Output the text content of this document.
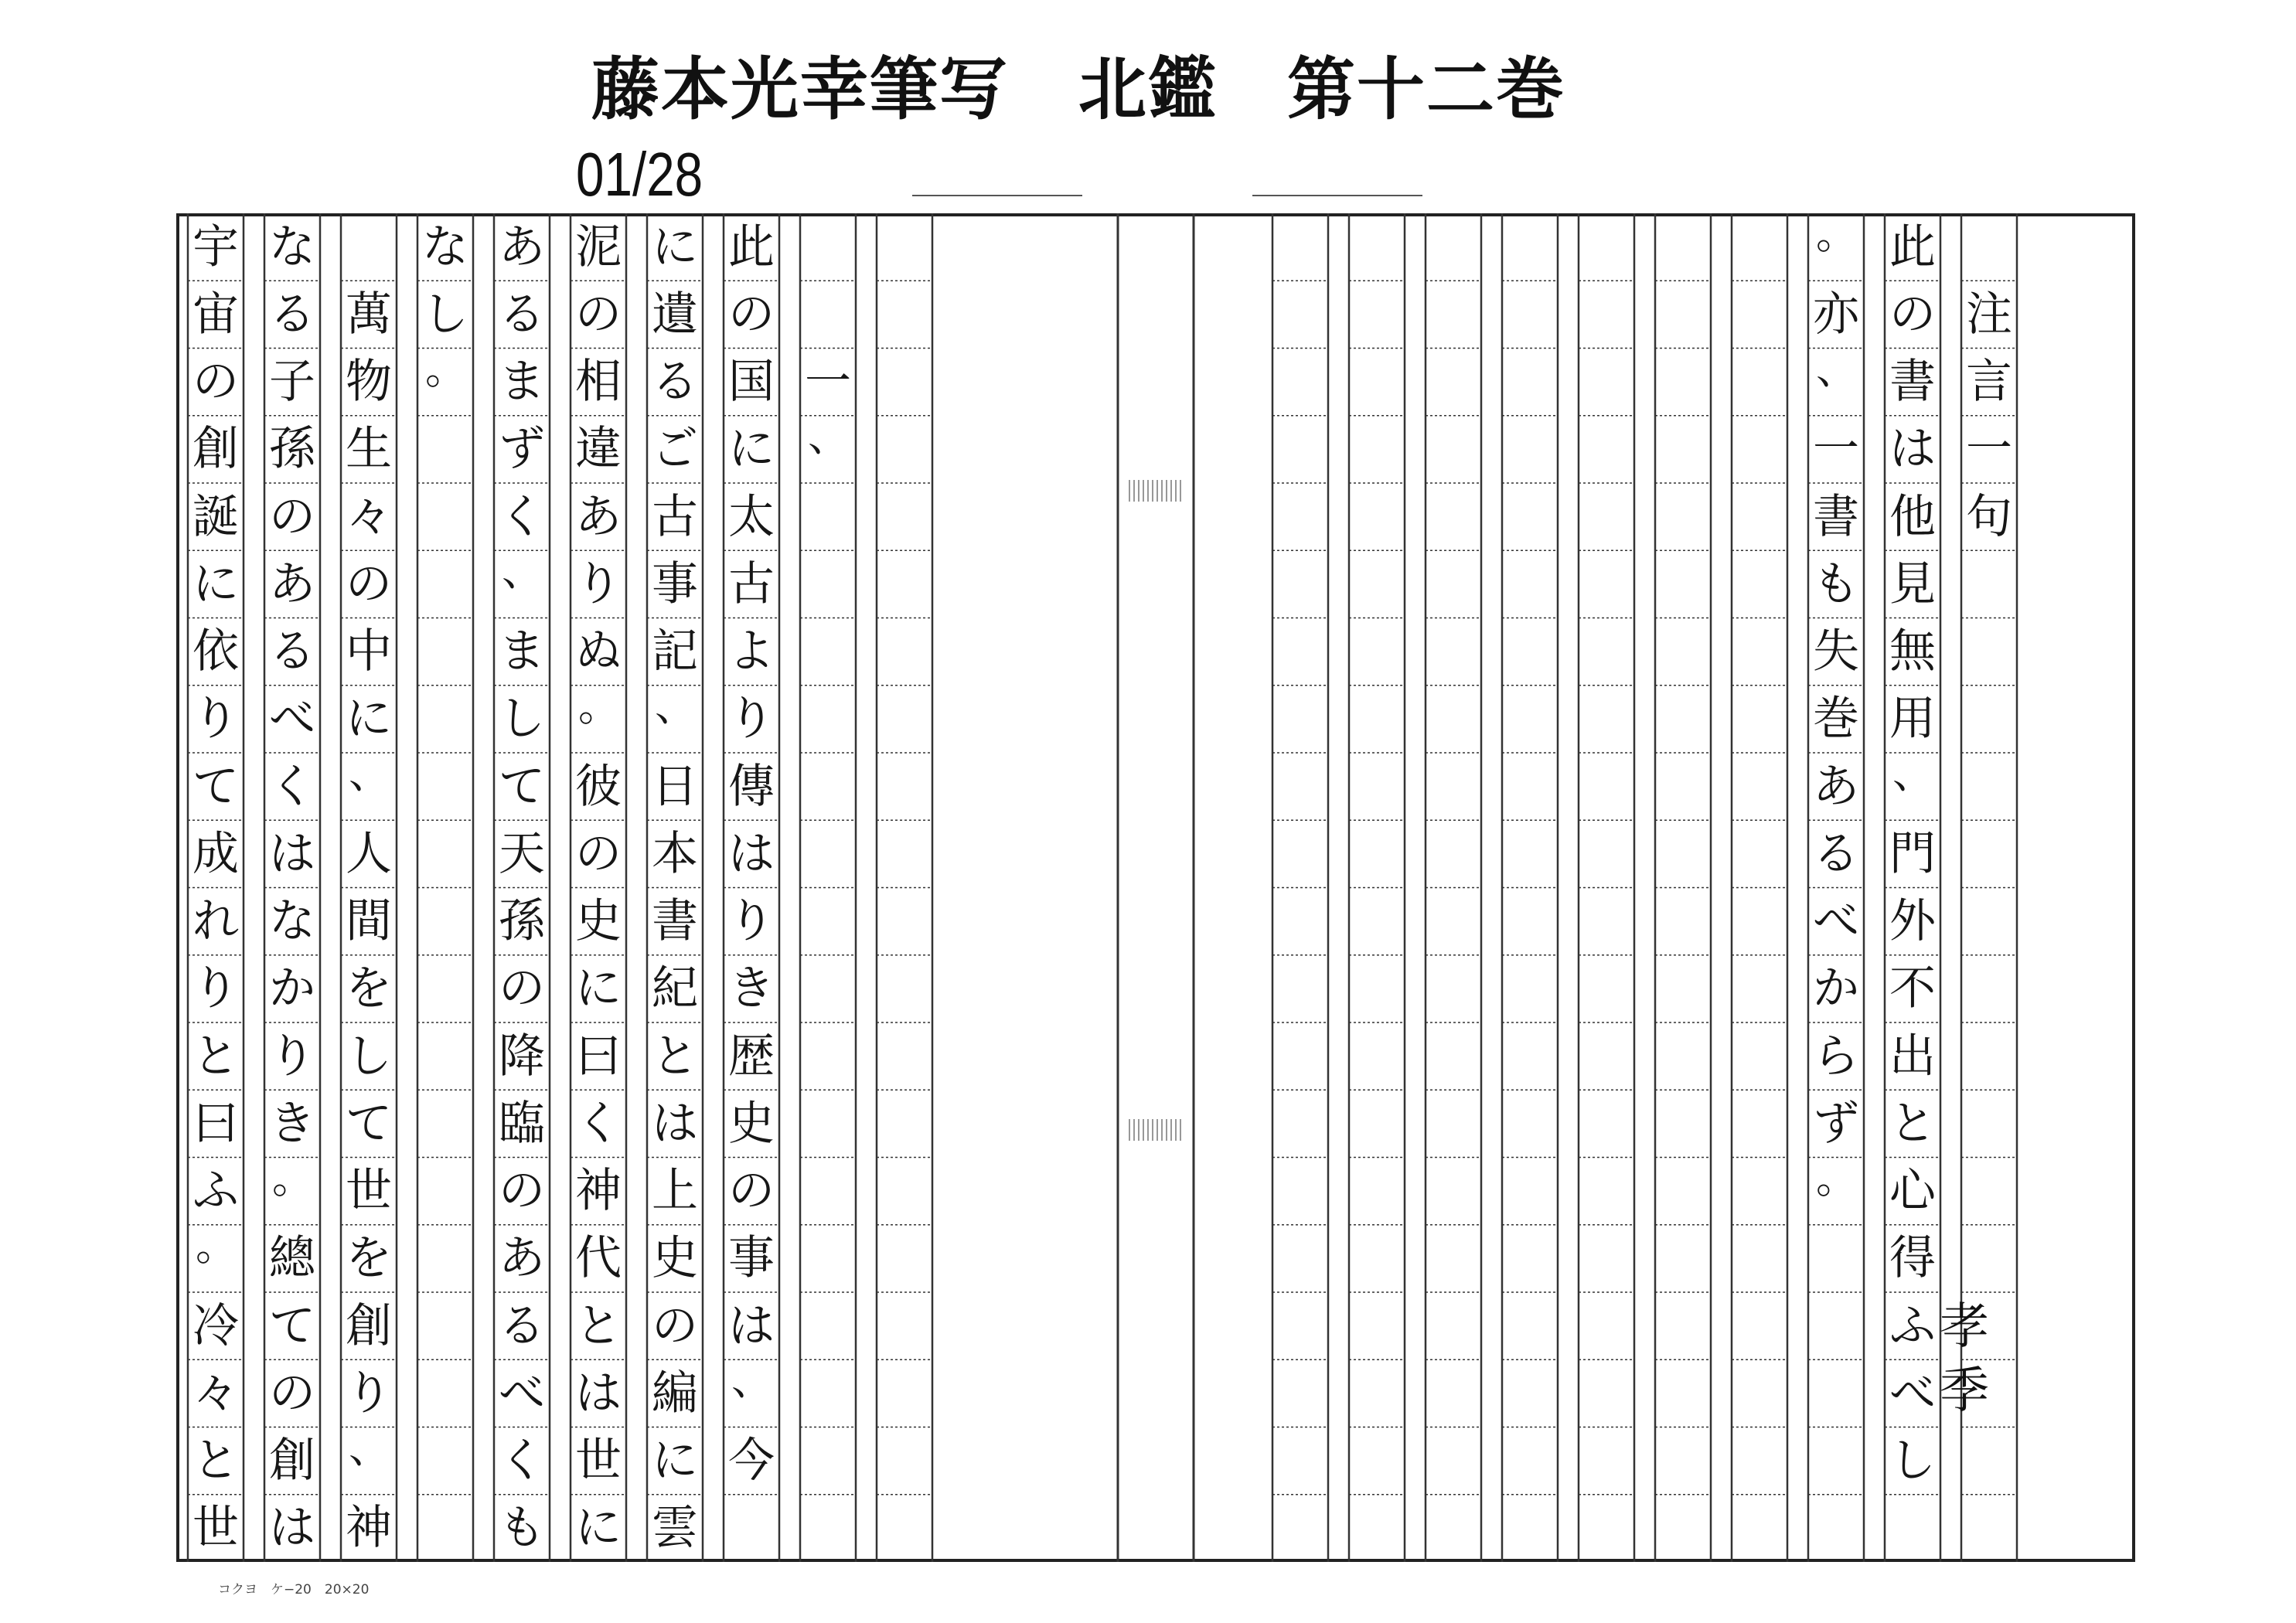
藤本光幸筆写　北鑑　第十二巻
01/28

注
言
一
句
此
の
書
は
他
見
無
用
、
門
外
不
出
と
心
得
ふ
べ
し
。
亦
、
一
書
も
失
巻
あ
る
べ
か
ら
ず
。

一
、
此
の
国
に
太
古
よ
り
傳
は
り
き
歴
史
の
事
は
、
今
に
遺
る
ご
古
事
記
、
日
本
書
紀
と
は
上
史
の
編
に
雲
泥
の
相
違
あ
り
ぬ
。
彼
の
史
に
曰
く
神
代
と
は
世
に
あ
る
ま
ず
く
、
ま
し
て
天
孫
の
降
臨
の
あ
る
べ
く
も
な
し
。

萬
物
生
々
の
中
に
、
人
間
を
し
て
世
を
創
り
、
神
な
る
子
孫
の
あ
る
べ
く
は
な
か
り
き
。
總
て
の
創
は
宇
宙
の
創
誕
に
依
り
て
成
れ
り
と
曰
ふ
。
冷
々
と
世
孝
季
コクヨ　ケ−20　20×20
